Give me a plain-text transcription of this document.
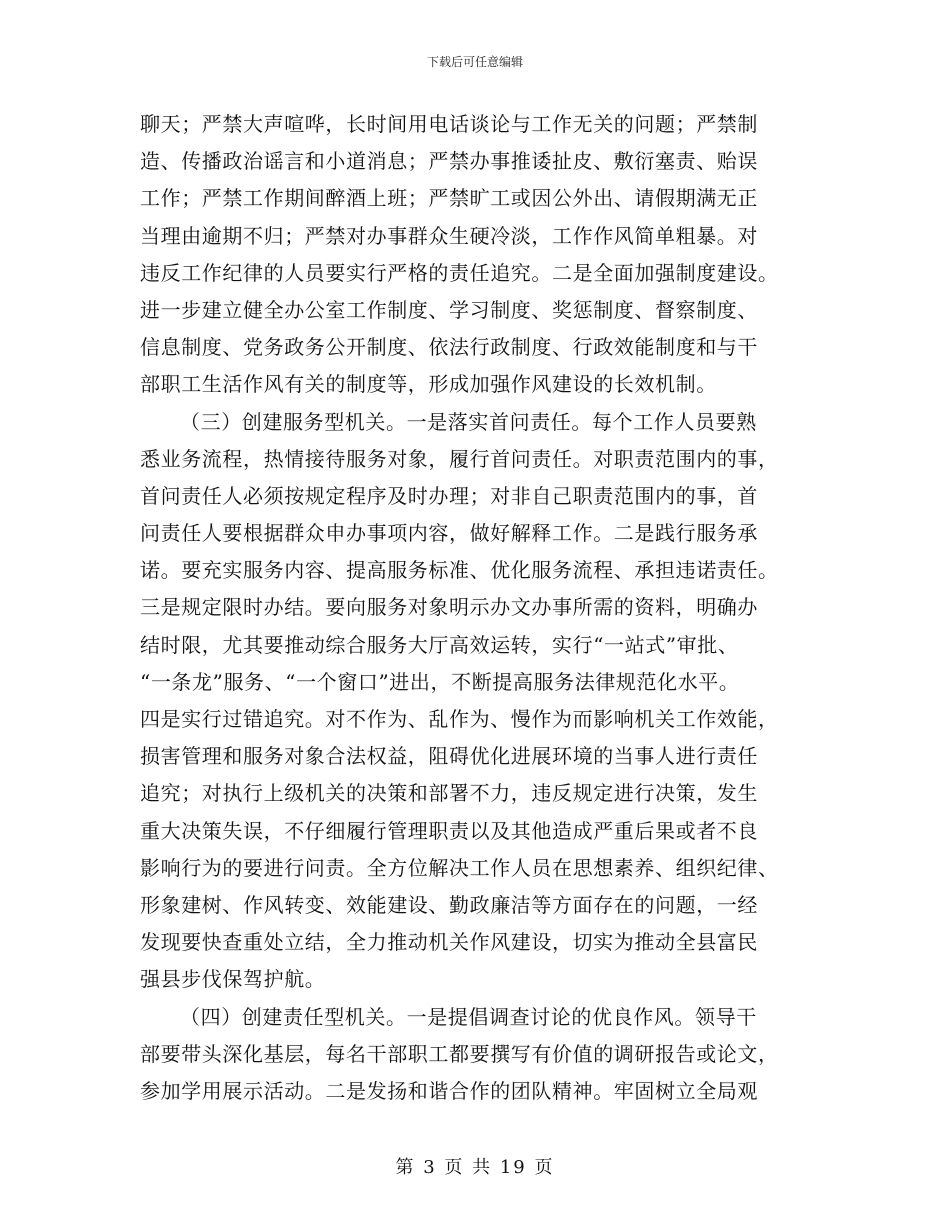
下载后可任意编辑
聊天；严禁大声喧哗，长时间用电话谈论与工作无关的问题；严禁制
造、传播政治谣言和小道消息；严禁办事推诿扯皮、敷衍塞责、贻误
工作；严禁工作期间醉酒上班；严禁旷工或因公外出、请假期满无正
当理由逾期不归；严禁对办事群众生硬冷淡，工作作风简单粗暴。对
违反工作纪律的人员要实行严格的责任追究。二是全面加强制度建设。
进一步建立健全办公室工作制度、学习制度、奖惩制度、督察制度、
信息制度、党务政务公开制度、依法行政制度、行政效能制度和与干
部职工生活作风有关的制度等，形成加强作风建设的长效机制。
（三）创建服务型机关。一是落实首问责任。每个工作人员要熟
悉业务流程，热情接待服务对象，履行首问责任。对职责范围内的事，
首问责任人必须按规定程序及时办理；对非自己职责范围内的事，首
问责任人要根据群众申办事项内容，做好解释工作。二是践行服务承
诺。要充实服务内容、提高服务标准、优化服务流程、承担违诺责任。
三是规定限时办结。要向服务对象明示办文办事所需的资料，明确办
结时限，尤其要推动综合服务大厅高效运转，实行“一站式”审批、
“一条龙”服务、“一个窗口”进出，不断提高服务法律规范化水平。
四是实行过错追究。对不作为、乱作为、慢作为而影响机关工作效能，
损害管理和服务对象合法权益，阻碍优化进展环境的当事人进行责任
追究；对执行上级机关的决策和部署不力，违反规定进行决策，发生
重大决策失误，不仔细履行管理职责以及其他造成严重后果或者不良
影响行为的要进行问责。全方位解决工作人员在思想素养、组织纪律、
形象建树、作风转变、效能建设、勤政廉洁等方面存在的问题，一经
发现要快查重处立结，全力推动机关作风建设，切实为推动全县富民
强县步伐保驾护航。
（四）创建责任型机关。一是提倡调查讨论的优良作风。领导干
部要带头深化基层，每名干部职工都要撰写有价值的调研报告或论文，
参加学用展示活动。二是发扬和谐合作的团队精神。牢固树立全局观
第 3 页 共 19 页
